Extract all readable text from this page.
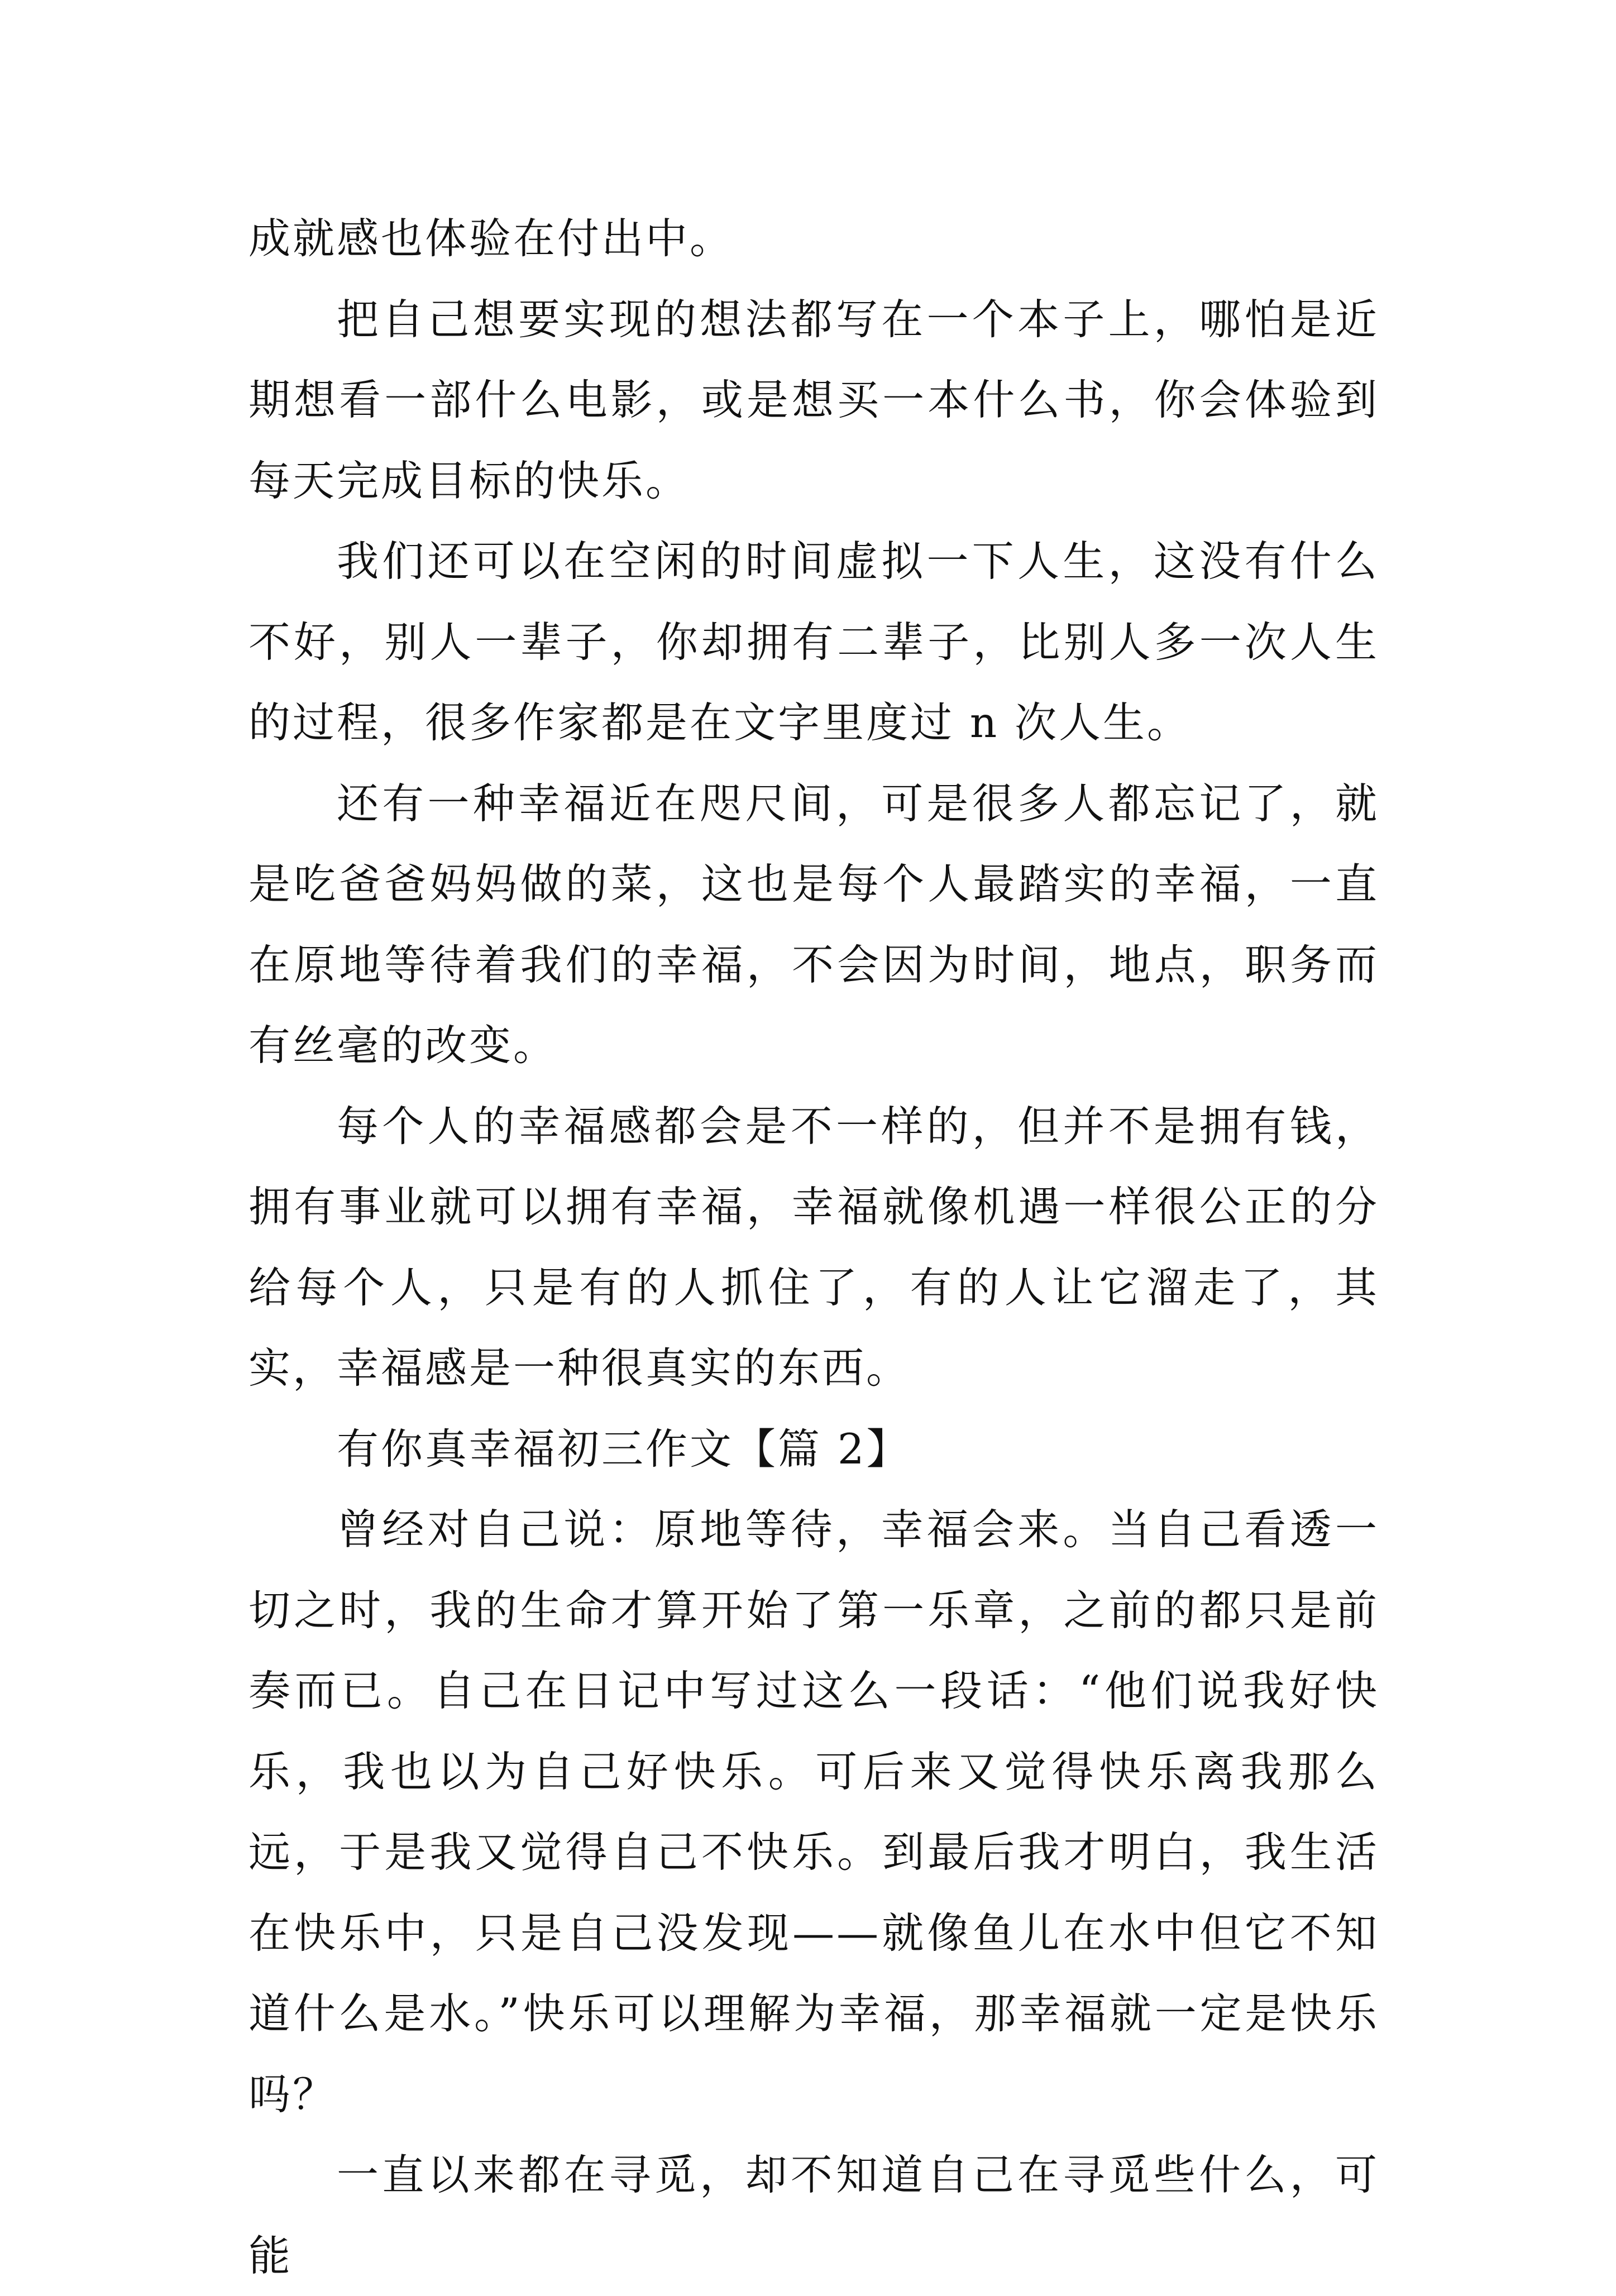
成就感也体验在付出中。

把自己想要实现的想法都写在一个本子上，哪怕是近期想看一部什么电影，或是想买一本什么书，你会体验到每天完成目标的快乐。

我们还可以在空闲的时间虚拟一下人生，这没有什么不好，别人一辈子，你却拥有二辈子，比别人多一次人生的过程，很多作家都是在文字里度过 n 次人生。

还有一种幸福近在咫尺间，可是很多人都忘记了，就是吃爸爸妈妈做的菜，这也是每个人最踏实的幸福，一直在原地等待着我们的幸福，不会因为时间，地点，职务而有丝毫的改变。

每个人的幸福感都会是不一样的，但并不是拥有钱，拥有事业就可以拥有幸福，幸福就像机遇一样很公正的分给每个人，只是有的人抓住了，有的人让它溜走了，其实，幸福感是一种很真实的东西。

有你真幸福初三作文【篇 2】

曾经对自己说：原地等待，幸福会来。当自己看透一切之时，我的生命才算开始了第一乐章，之前的都只是前奏而已。自己在日记中写过这么一段话：“他们说我好快乐，我也以为自己好快乐。可后来又觉得快乐离我那么远，于是我又觉得自己不快乐。到最后我才明白，我生活在快乐中，只是自己没发现——就像鱼儿在水中但它不知道什么是水。”快乐可以理解为幸福，那幸福就一定是快乐吗？

一直以来都在寻觅，却不知道自己在寻觅些什么，可能
